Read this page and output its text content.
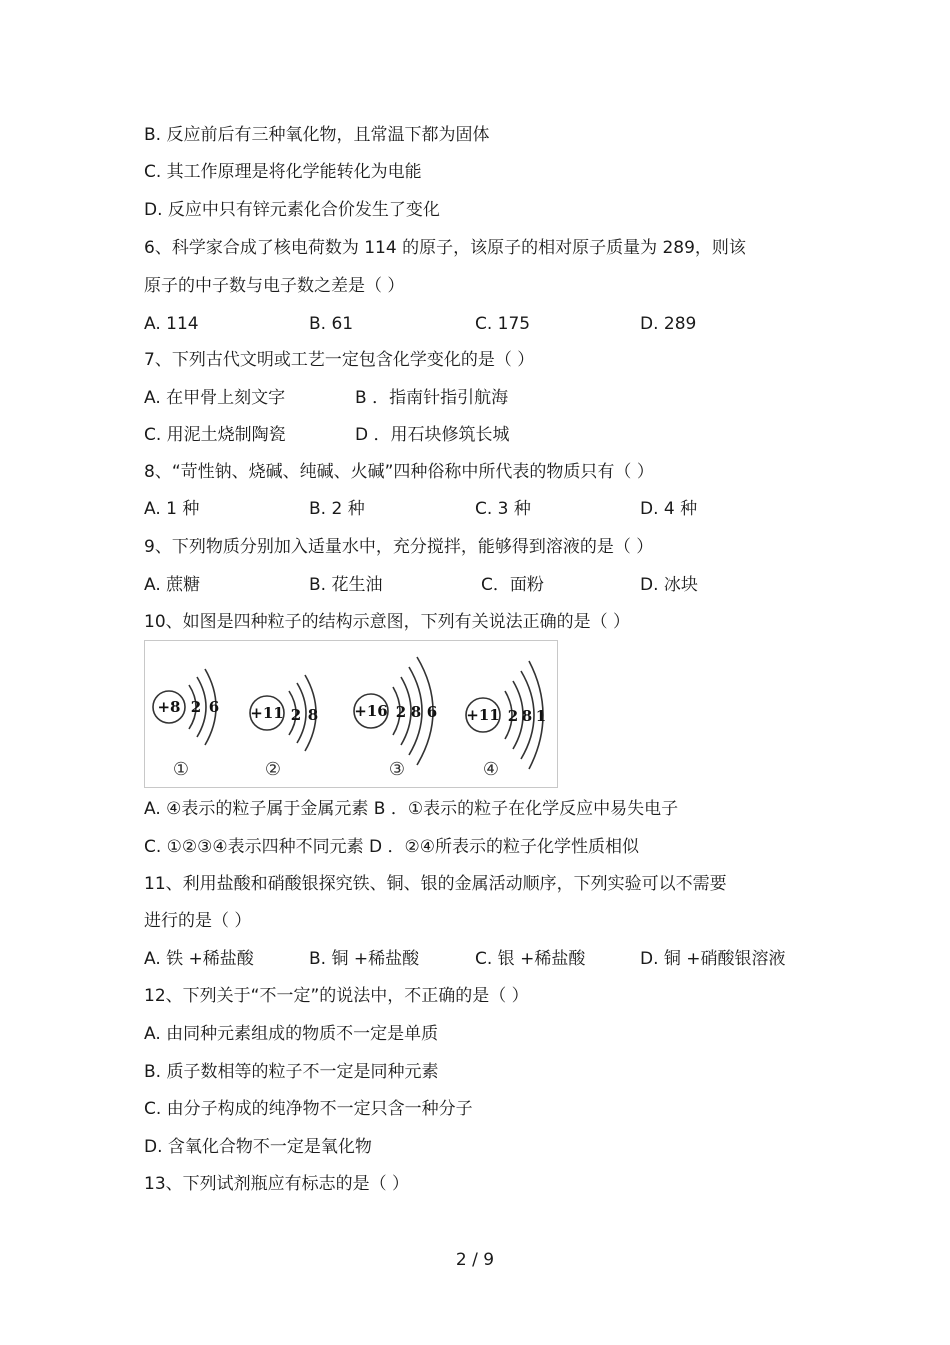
B. 反应前后有三种氧化物，且常温下都为固体
C. 其工作原理是将化学能转化为电能
D. 反应中只有锌元素化合价发生了变化
6、科学家合成了核电荷数为 114 的原子，该原子的相对原子质量为 289，则该
原子的中子数与电子数之差是（ ）
A. 114	B. 61	C. 175	D. 289
7、下列古代文明或工艺一定包含化学变化的是（ ）
A. 在甲骨上刻文字	B ．指南针指引航海
C. 用泥土烧制陶瓷	D ．用石块修筑长城
8、“苛性钠、烧碱、纯碱、火碱”四种俗称中所代表的物质只有（ ）
A. 1 种	B. 2 种	C. 3 种	D. 4 种
9、下列物质分别加入适量水中，充分搅拌，能够得到溶液的是（ ）
A. 蔗糖	B. 花生油	C．面粉	D. 冰块
10、如图是四种粒子的结构示意图，下列有关说法正确的是（ ）
+8 2 6 +11 2 8 +16 2 8 6 +11 2 8 1
①	②	③	④
A. ④表示的粒子属于金属元素 B ．①表示的粒子在化学反应中易失电子
C. ①②③④表示四种不同元素 D ．②④所表示的粒子化学性质相似
11、利用盐酸和硝酸银探究铁、铜、银的金属活动顺序，下列实验可以不需要
进行的是（ ）
A. 铁 +稀盐酸	B. 铜 +稀盐酸	C. 银 +稀盐酸	D. 铜 +硝酸银溶液
12、下列关于“不一定”的说法中，不正确的是（ ）
A. 由同种元素组成的物质不一定是单质
B. 质子数相等的粒子不一定是同种元素
C. 由分子构成的纯净物不一定只含一种分子
D. 含氧化合物不一定是氧化物
13、下列试剂瓶应有标志的是（ ）
2 / 9
